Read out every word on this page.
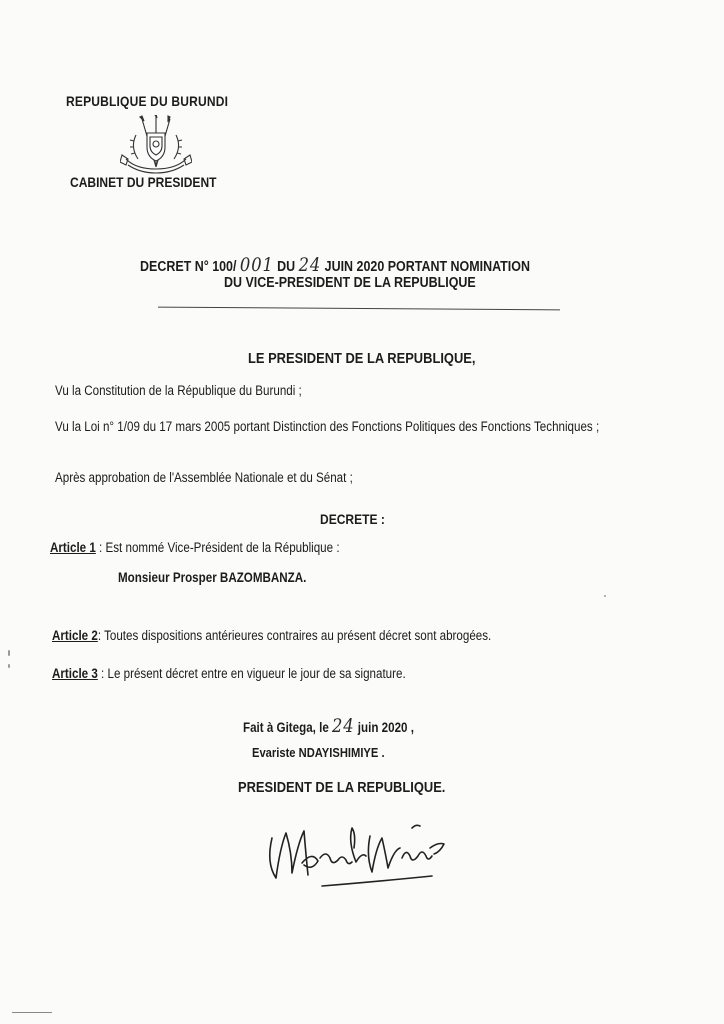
REPUBLIQUE DU BURUNDI
CABINET DU PRESIDENT
DECRET N° 100/ 001 DU 24 JUIN 2020 PORTANT NOMINATION
DU VICE-PRESIDENT DE LA REPUBLIQUE
LE PRESIDENT DE LA REPUBLIQUE,
Vu la Constitution de la République du Burundi ;
Vu la Loi n° 1/09 du 17 mars 2005 portant Distinction des Fonctions Politiques des Fonctions Techniques ;
Après approbation de l'Assemblée Nationale et du Sénat ;
DECRETE :
Article 1 : Est nommé Vice-Président de la République :
Monsieur Prosper BAZOMBANZA.
Article 2: Toutes dispositions antérieures contraires au présent décret sont abrogées.
Article 3 : Le présent décret entre en vigueur le jour de sa signature.
Fait à Gitega, le 24 juin 2020 ,
Evariste NDAYISHIMIYE .
PRESIDENT DE LA REPUBLIQUE.
